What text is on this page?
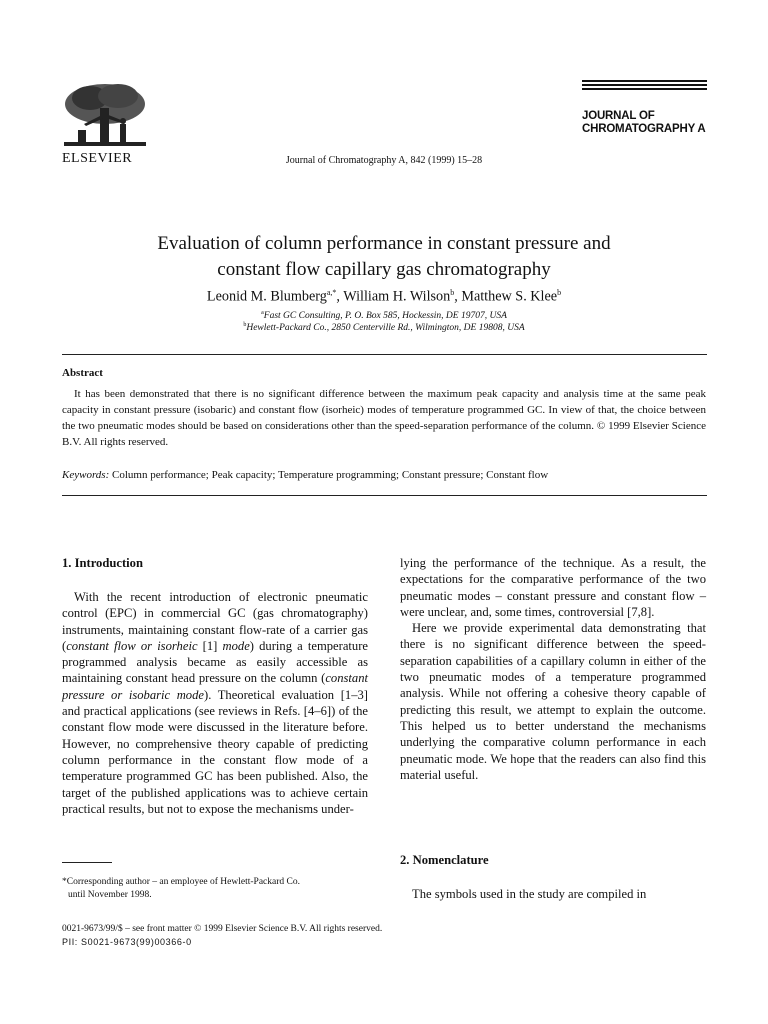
ELSEVIER	Journal of Chromatography A, 842 (1999) 15–28
JOURNAL OF
CHROMATOGRAPHY A
Evaluation of column performance in constant pressure and
constant flow capillary gas chromatography
Leonid M. Blumberg$^{a,*}$, William H. Wilson$^b$, Matthew S. Klee$^b$
$^a$Fast GC Consulting, P. O. Box 585, Hockessin, DE 19707, USA
$^b$Hewlett-Packard Co., 2850 Centerville Rd., Wilmington, DE 19808, USA
Abstract
It has been demonstrated that there is no significant difference between the maximum peak capacity and analysis time at the same peak capacity in constant pressure (isobaric) and constant flow (isorheic) modes of temperature programmed GC. In view of that, the choice between the two pneumatic modes should be based on considerations other than the speed-separation performance of the column. © 1999 Elsevier Science B.V. All rights reserved.
Keywords: Column performance; Peak capacity; Temperature programming; Constant pressure; Constant flow
1. Introduction

With the recent introduction of electronic pneumatic control (EPC) in commercial GC (gas chromatography) instruments, maintaining constant flow-rate of a carrier gas (constant flow or isorheic [1] mode) during a temperature programmed analysis became as easily accessible as maintaining constant head pressure on the column (constant pressure or isobaric mode). Theoretical evaluation [1–3] and practical applications (see reviews in Refs. [4–6]) of the constant flow mode were discussed in the literature before. However, no comprehensive theory capable of predicting column performance in the constant flow mode of a temperature programmed GC has been published. Also, the target of the published applications was to achieve certain practical results, but not to expose the mechanisms under-

lying the performance of the technique. As a result, the expectations for the comparative performance of the two pneumatic modes – constant pressure and constant flow – were unclear, and, some times, controversial [7,8].

Here we provide experimental data demonstrating that there is no significant difference between the speed-separation capabilities of a capillary column in either of the two pneumatic modes of a temperature programmed analysis. While not offering a cohesive theory capable of predicting this result, we attempt to explain the outcome. This helped us to better understand the mechanisms underlying the comparative column performance in each pneumatic mode. We hope that the readers can also find this material useful.

2. Nomenclature

The symbols used in the study are compiled in

*Corresponding author – an employee of Hewlett-Packard Co.
until November 1998.
0021-9673/99/$ – see front matter © 1999 Elsevier Science B.V. All rights reserved.
PII: S0021-9673(99)00366-0
